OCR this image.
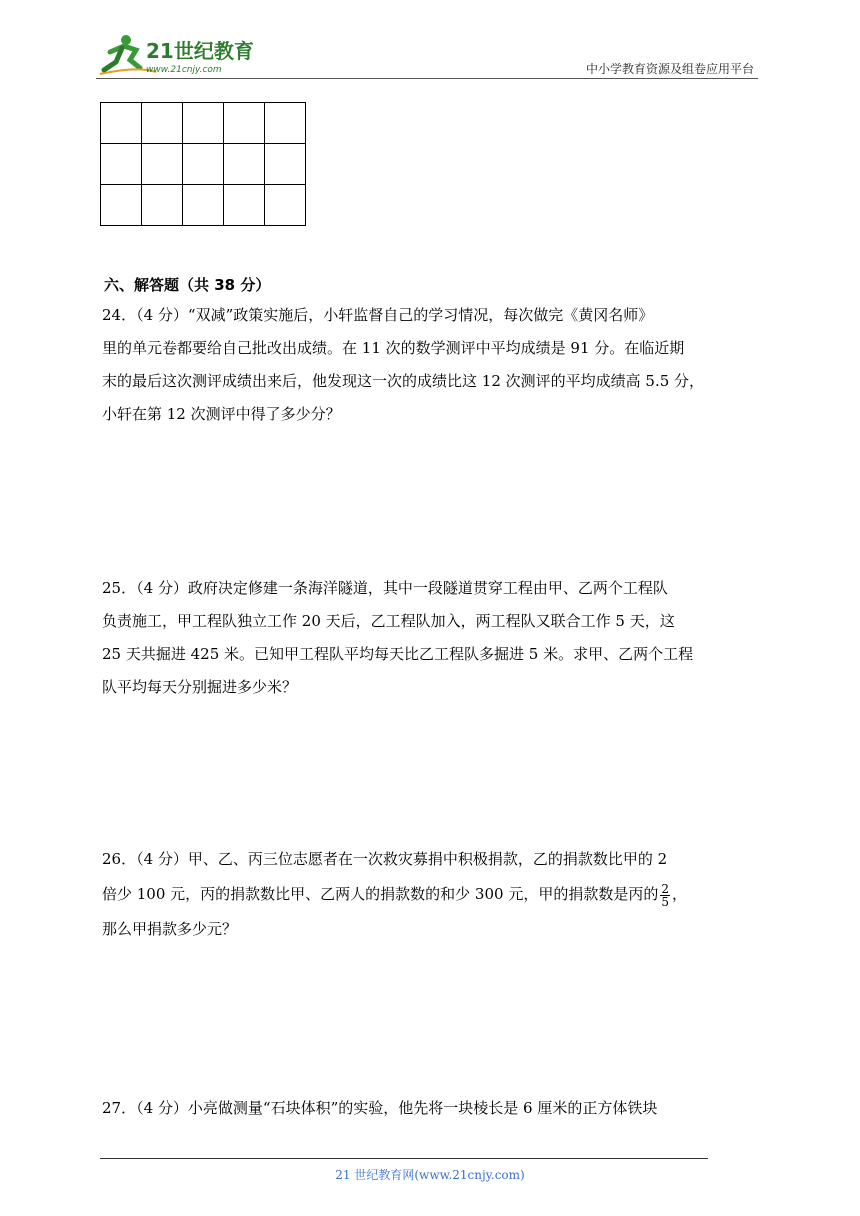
21世纪教育
www.21cnjy.com	中小学教育资源及组卷应用平台

六、解答题（共 38 分）
24．（4 分）“双减”政策实施后，小轩监督自己的学习情况，每次做完《黄冈名师》
里的单元卷都要给自己批改出成绩。在 11 次的数学测评中平均成绩是 91 分。在临近期
末的最后这次测评成绩出来后，他发现这一次的成绩比这 12 次测评的平均成绩高 5.5 分，
小轩在第 12 次测评中得了多少分？
25．（4 分）政府决定修建一条海洋隧道，其中一段隧道贯穿工程由甲、乙两个工程队
负责施工，甲工程队独立工作 20 天后，乙工程队加入，两工程队又联合工作 5 天，这
25 天共掘进 425 米。已知甲工程队平均每天比乙工程队多掘进 5 米。求甲、乙两个工程
队平均每天分别掘进多少米？
26．（4 分）甲、乙、丙三位志愿者在一次救灾募捐中积极捐款，乙的捐款数比甲的 2
倍少 100 元，丙的捐款数比甲、乙两人的捐款数的和少 300 元，甲的捐款数是丙的 $\frac{2}{5}$ ，
那么甲捐款多少元？
27．（4 分）小亮做测量“石块体积”的实验，他先将一块棱长是 6 厘米的正方体铁块
21 世纪教育网(www.21cnjy.com)
